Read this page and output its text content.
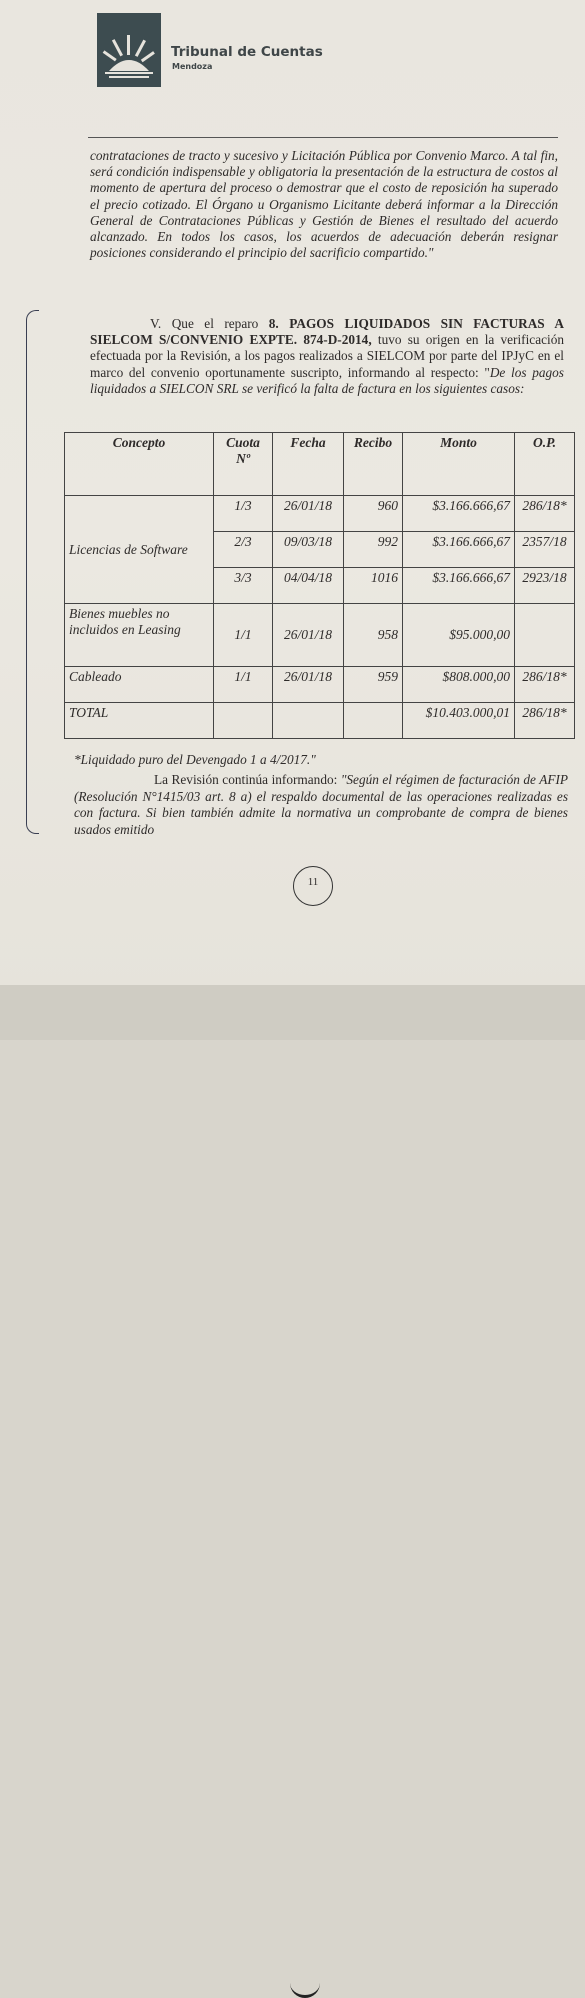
Tribunal de Cuentas
Mendoza
contrataciones de tracto y sucesivo y Licitación Pública por Convenio Marco. A tal fin, será condición indispensable y obligatoria la presentación de la estructura de costos al momento de apertura del proceso o demostrar que el costo de reposición ha superado el precio cotizado. El Órgano u Organismo Licitante deberá informar a la Dirección General de Contrataciones Públicas y Gestión de Bienes el resultado del acuerdo alcanzado. En todos los casos, los acuerdos de adecuación deberán resignar posiciones considerando el principio del sacrificio compartido."
V. Que el reparo 8. PAGOS LIQUIDADOS SIN FACTURAS A SIELCOM S/CONVENIO EXPTE. 874-D-2014, tuvo su origen en la verificación efectuada por la Revisión, a los pagos realizados a SIELCOM por parte del IPJyC en el marco del convenio oportunamente suscripto, informando al respecto: "De los pagos liquidados a SIELCON SRL se verificó la falta de factura en los siguientes casos:
Concepto	Cuota Nº	Fecha	Recibo	Monto	O.P.
Licencias de Software	1/3	26/01/18	960	$3.166.666,67	286/18*
	2/3	09/03/18	992	$3.166.666,67	2357/18
	3/3	04/04/18	1016	$3.166.666,67	2923/18
Bienes muebles no incluidos en Leasing	1/1	26/01/18	958	$95.000,00	
Cableado	1/1	26/01/18	959	$808.000,00	286/18*
TOTAL				$10.403.000,01	286/18*
*Liquidado puro del Devengado 1 a 4/2017."
La Revisión continúa informando: "Según el régimen de facturación de AFIP (Resolución N°1415/03 art. 8 a) el respaldo documental de las operaciones realizadas es con factura. Si bien también admite la normativa un comprobante de compra de bienes usados emitido
11
